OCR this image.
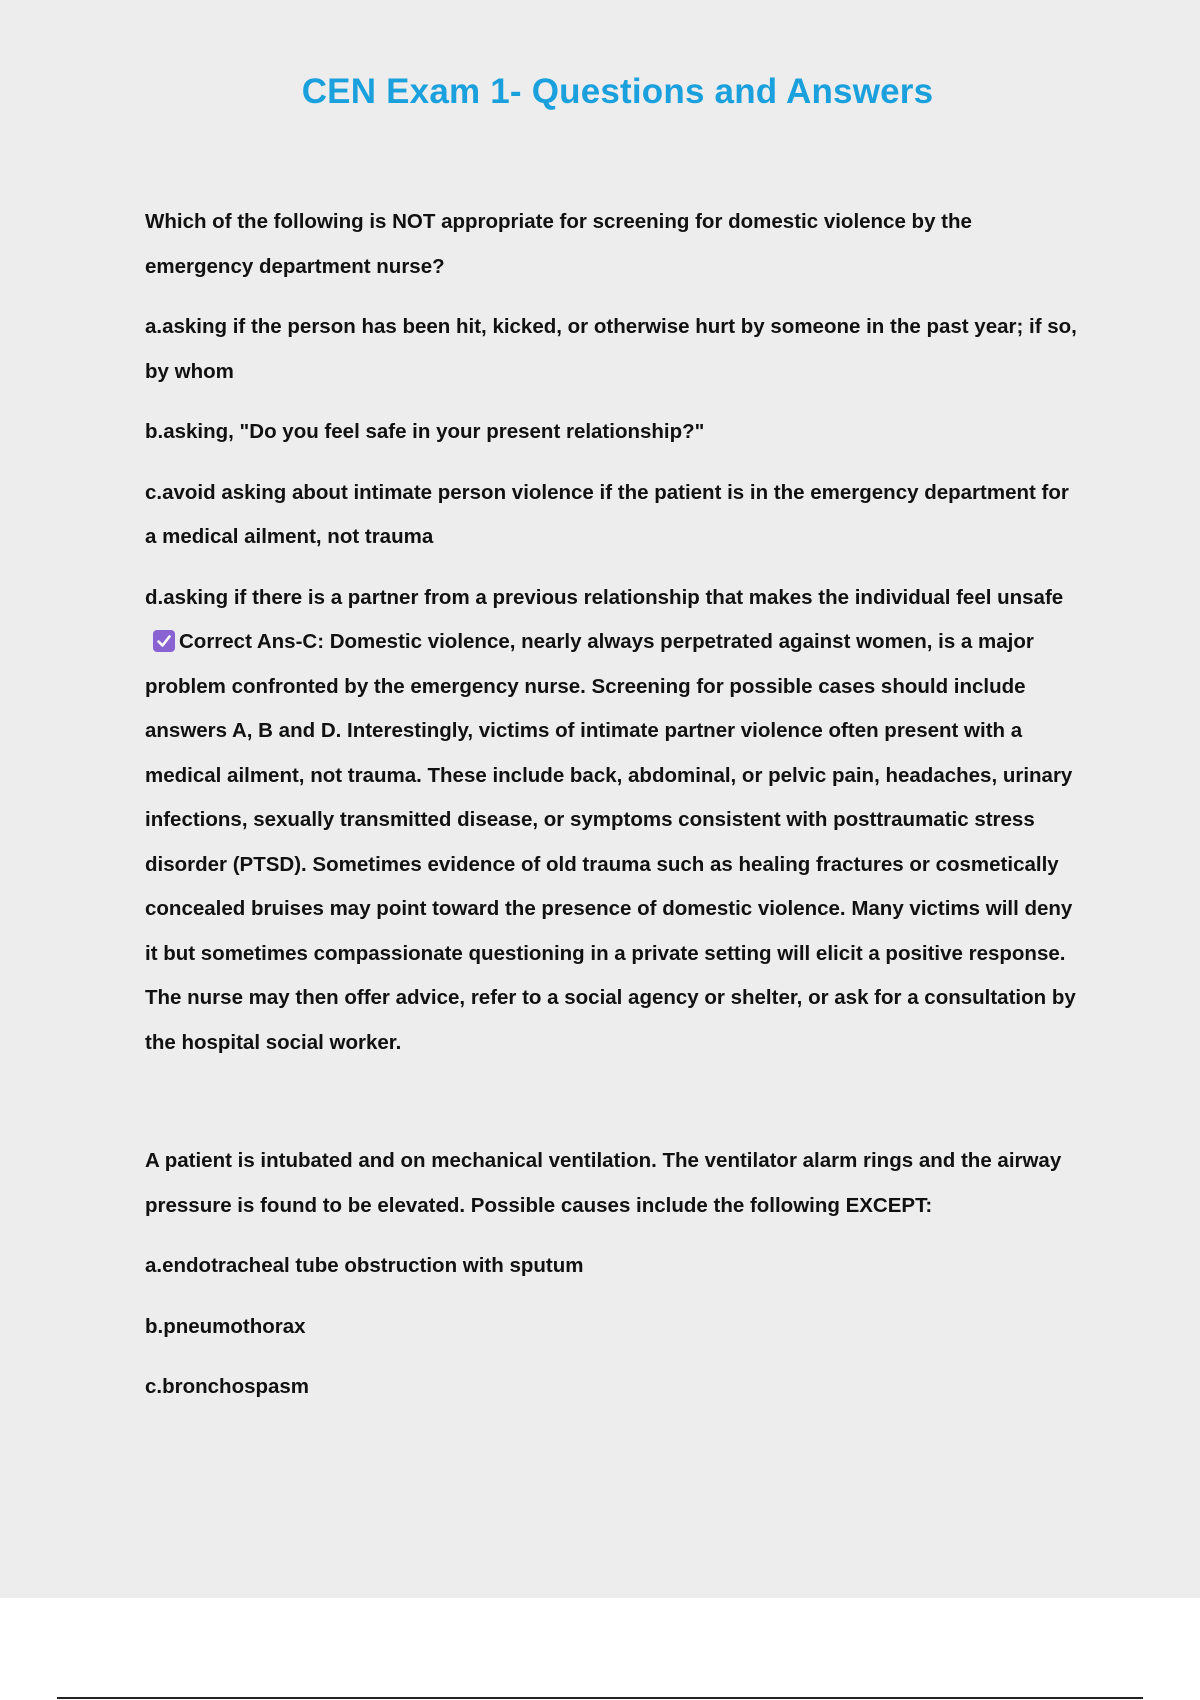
CEN Exam 1- Questions and Answers

Which of the following is NOT appropriate for screening for domestic violence by the emergency department nurse?

a.asking if the person has been hit, kicked, or otherwise hurt by someone in the past year; if so, by whom

b.asking, "Do you feel safe in your present relationship?"

c.avoid asking about intimate person violence if the patient is in the emergency department for a medical ailment, not trauma

d.asking if there is a partner from a previous relationship that makes the individual feel unsafe
Correct Ans-C: Domestic violence, nearly always perpetrated against women, is a major problem confronted by the emergency nurse. Screening for possible cases should include answers A, B and D. Interestingly, victims of intimate partner violence often present with a medical ailment, not trauma. These include back, abdominal, or pelvic pain, headaches, urinary infections, sexually transmitted disease, or symptoms consistent with posttraumatic stress disorder (PTSD). Sometimes evidence of old trauma such as healing fractures or cosmetically concealed bruises may point toward the presence of domestic violence. Many victims will deny it but sometimes compassionate questioning in a private setting will elicit a positive response. The nurse may then offer advice, refer to a social agency or shelter, or ask for a consultation by the hospital social worker.

A patient is intubated and on mechanical ventilation. The ventilator alarm rings and the airway pressure is found to be elevated. Possible causes include the following EXCEPT:

a.endotracheal tube obstruction with sputum

b.pneumothorax

c.bronchospasm
